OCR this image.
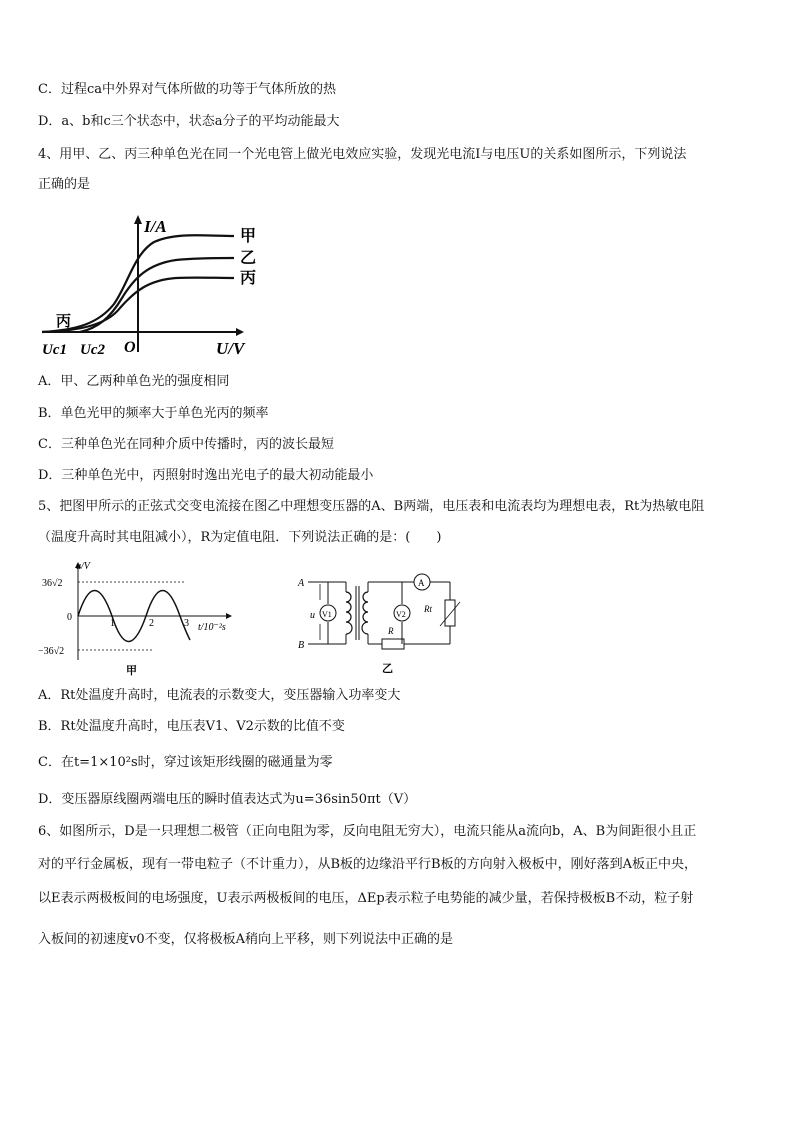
C．过程ca中外界对气体所做的功等于气体所放的热
D．a、b和c三个状态中，状态a分子的平均动能最大
4、用甲、乙、丙三种单色光在同一个光电管上做光电效应实验，发现光电流I与电压U的关系如图所示，下列说法
正确的是
I/A
U/V
O
Uc1 Uc2
丙
甲
乙
丙
A．甲、乙两种单色光的强度相同
B．单色光甲的频率大于单色光丙的频率
C．三种单色光在同种介质中传播时，丙的波长最短
D．三种单色光中，丙照射时逸出光电子的最大初动能最小
5、把图甲所示的正弦式交变电流接在图乙中理想变压器的A、B两端，电压表和电流表均为理想电表，Rt为热敏电阻
（温度升高时其电阻减小），R为定值电阻．下列说法正确的是：(　　)
u/V
t/10⁻²s
36√2
−36√2
0
1	2	3
甲
A
B
u V1
A
R
V2
Rt
乙
A．Rt处温度升高时，电流表的示数变大，变压器输入功率变大
B．Rt处温度升高时，电压表V1、V2示数的比值不变
C．在t=1×10²s时，穿过该矩形线圈的磁通量为零
D．变压器原线圈两端电压的瞬时值表达式为u=36sin50πt（V）
6、如图所示，D是一只理想二极管（正向电阻为零，反向电阻无穷大），电流只能从a流向b，A、B为间距很小且正
对的平行金属板，现有一带电粒子（不计重力），从B板的边缘沿平行B板的方向射入极板中，刚好落到A板正中央，
以E表示两极板间的电场强度，U表示两极板间的电压，ΔEp表示粒子电势能的减少量，若保持极板B不动，粒子射
入板间的初速度v0不变，仅将极板A稍向上平移，则下列说法中正确的是
